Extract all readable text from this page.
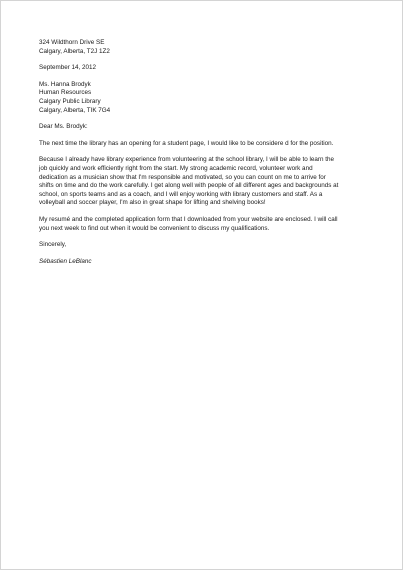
324 Wildthorn Drive SE
Calgary, Alberta, T2J 1Z2
September 14, 2012
Ms. Hanna Brodyk
Human Resources
Calgary Public Library
Calgary, Alberta, TIK 7G4
Dear Ms. Brodyk:
The next time the library has an opening for a student page, I would like to be considere d for the position.
Because I already have library experience from volunteering at the school library, I will be able to learn the
job quickly and work efficiently right from the start. My strong academic record, volunteer work and
dedication as a musician show that I'm responsible and motivated, so you can count on me to arrive for
shifts on time and do the work carefully. I get along well with people of all different ages and backgrounds at
school, on sports teams and as a coach, and I will enjoy working with library customers and staff. As a
volleyball and soccer player, I'm also in great shape for lifting and shelving books!
My resumé and the completed application form that I downloaded from your website are enclosed. I will call
you next week to find out when it would be convenient to discuss my qualifications.
Sincerely,
Sébastien LeBlanc
